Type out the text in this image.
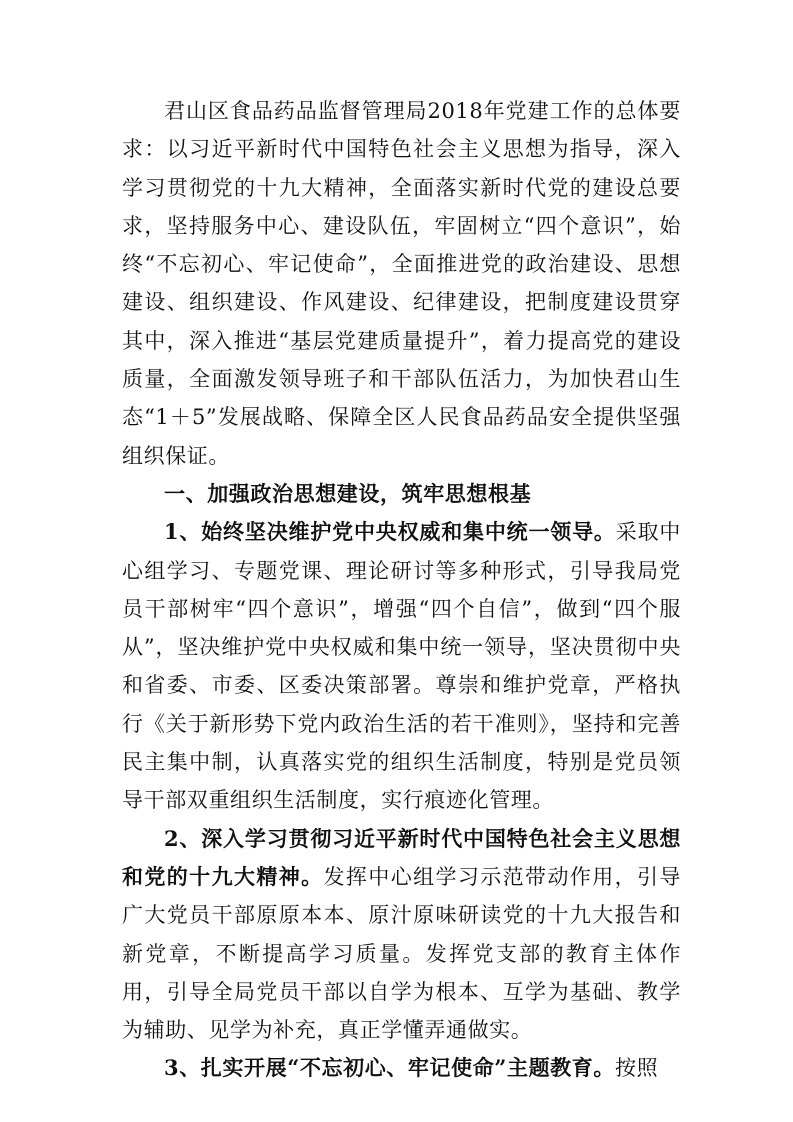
君山区食品药品监督管理局2018年党建工作的总体要求：以习近平新时代中国特色社会主义思想为指导，深入学习贯彻党的十九大精神，全面落实新时代党的建设总要求，坚持服务中心、建设队伍，牢固树立“四个意识”，始终“不忘初心、牢记使命”，全面推进党的政治建设、思想建设、组织建设、作风建设、纪律建设，把制度建设贯穿其中，深入推进“基层党建质量提升”，着力提高党的建设质量，全面激发领导班子和干部队伍活力，为加快君山生态“1＋5”发展战略、保障全区人民食品药品安全提供坚强组织保证。

一、加强政治思想建设，筑牢思想根基

1、始终坚决维护党中央权威和集中统一领导。采取中心组学习、专题党课、理论研讨等多种形式，引导我局党员干部树牢“四个意识”，增强“四个自信”，做到“四个服从”，坚决维护党中央权威和集中统一领导，坚决贯彻中央和省委、市委、区委决策部署。尊崇和维护党章，严格执行《关于新形势下党内政治生活的若干准则》，坚持和完善民主集中制，认真落实党的组织生活制度，特别是党员领导干部双重组织生活制度，实行痕迹化管理。

2、深入学习贯彻习近平新时代中国特色社会主义思想和党的十九大精神。发挥中心组学习示范带动作用，引导广大党员干部原原本本、原汁原味研读党的十九大报告和新党章，不断提高学习质量。发挥党支部的教育主体作用，引导全局党员干部以自学为根本、互学为基础、教学为辅助、见学为补充，真正学懂弄通做实。

3、扎实开展“不忘初心、牢记使命”主题教育。按照
